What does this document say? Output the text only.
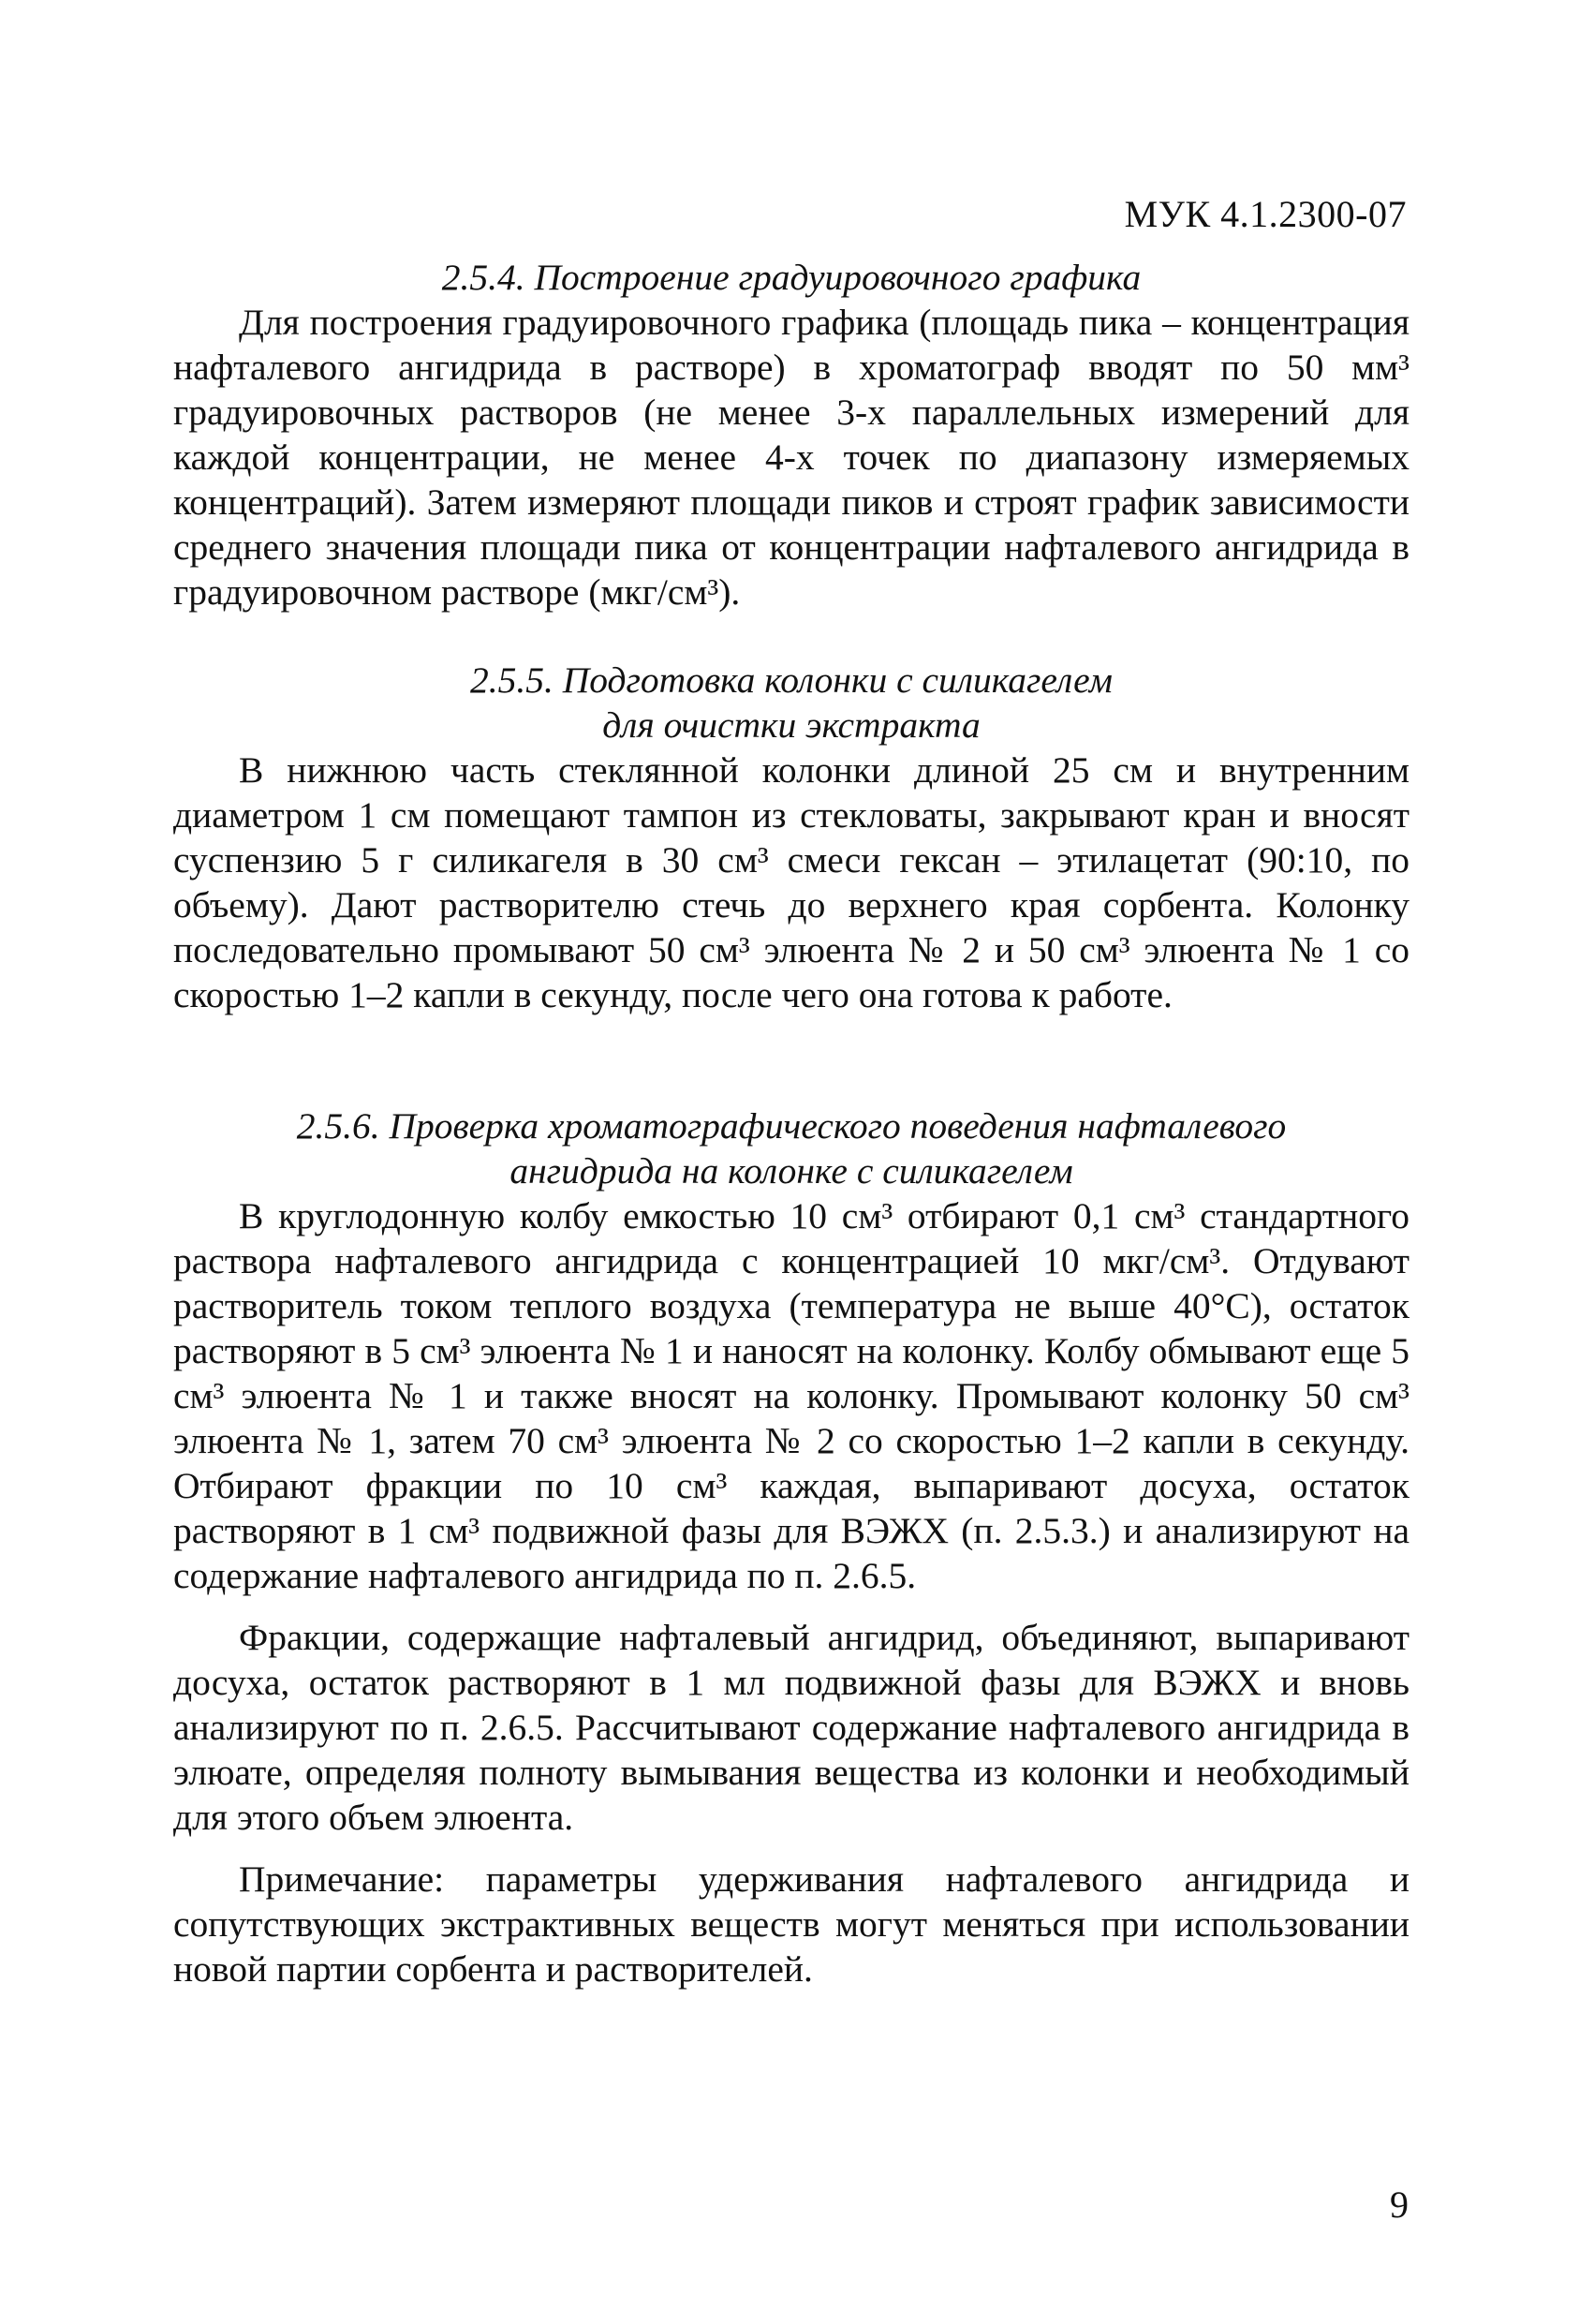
МУК 4.1.2300-07

2.5.4. Построение градуировочного графика

Для построения градуировочного графика (площадь пика – концентрация нафталевого ангидрида в растворе) в хроматограф вводят по 50 мм³ градуировочных растворов (не менее 3-х параллельных измерений для каждой концентрации, не менее 4-х точек по диапазону измеряемых концентраций). Затем измеряют площади пиков и строят график зависимости среднего значения площади пика от концентрации нафталевого ангидрида в градуировочном растворе (мкг/см³).

2.5.5. Подготовка колонки с силикагелем

для очистки экстракта

В нижнюю часть стеклянной колонки длиной 25 см и внутренним диаметром 1 см помещают тампон из стекловаты, закрывают кран и вносят суспензию 5 г силикагеля в 30 см³ смеси гексан – этилацетат (90:10, по объему). Дают растворителю стечь до верхнего края сорбента. Колонку последовательно промывают 50 см³ элюента № 2 и 50 см³ элюента № 1 со скоростью 1–2 капли в секунду, после чего она готова к работе.

2.5.6. Проверка хроматографического поведения нафталевого

ангидрида на колонке с силикагелем

В круглодонную колбу емкостью 10 см³ отбирают 0,1 см³ стандартного раствора нафталевого ангидрида с концентрацией 10 мкг/см³. Отдувают растворитель током теплого воздуха (температура не выше 40°С), остаток растворяют в 5 см³ элюента № 1 и наносят на колонку. Колбу обмывают еще 5 см³ элюента № 1 и также вносят на колонку. Промывают колонку 50 см³ элюента № 1, затем 70 см³ элюента № 2 со скоростью 1–2 капли в секунду. Отбирают фракции по 10 см³ каждая, выпаривают досуха, остаток растворяют в 1 см³ подвижной фазы для ВЭЖХ (п. 2.5.3.) и анализируют на содержание нафталевого ангидрида по п. 2.6.5.

Фракции, содержащие нафталевый ангидрид, объединяют, выпаривают досуха, остаток растворяют в 1 мл подвижной фазы для ВЭЖХ и вновь анализируют по п. 2.6.5. Рассчитывают содержание нафталевого ангидрида в элюате, определяя полноту вымывания вещества из колонки и необходимый для этого объем элюента.

Примечание: параметры удерживания нафталевого ангидрида и сопутствующих экстрактивных веществ могут меняться при использовании новой партии сорбента и растворителей.

9
